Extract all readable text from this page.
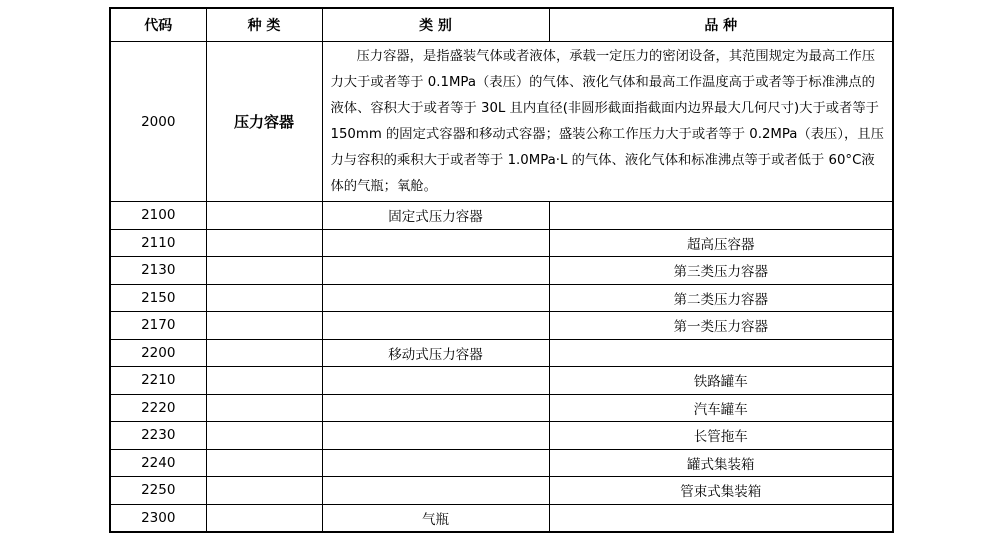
代码	种 类	类 别	品 种
2000	压力容器	压力容器，是指盛装气体或者液体，承载一定压力的密闭设备，其范围规定为最高工作压力大于或者等于 0.1MPa（表压）的气体、液化气体和最高工作温度高于或者等于标准沸点的液体、容积大于或者等于 30L 且内直径(非圆形截面指截面内边界最大几何尺寸)大于或者等于 150mm 的固定式容器和移动式容器；盛装公称工作压力大于或者等于 0.2MPa（表压），且压力与容积的乘积大于或者等于 1.0MPa·L 的气体、液化气体和标准沸点等于或者低于 60°C液体的气瓶；氧舱。	
2100		固定式压力容器	
2110			超高压容器
2130			第三类压力容器
2150			第二类压力容器
2170			第一类压力容器
2200		移动式压力容器	
2210			铁路罐车
2220			汽车罐车
2230			长管拖车
2240			罐式集装箱
2250			管束式集装箱
2300		气瓶	
